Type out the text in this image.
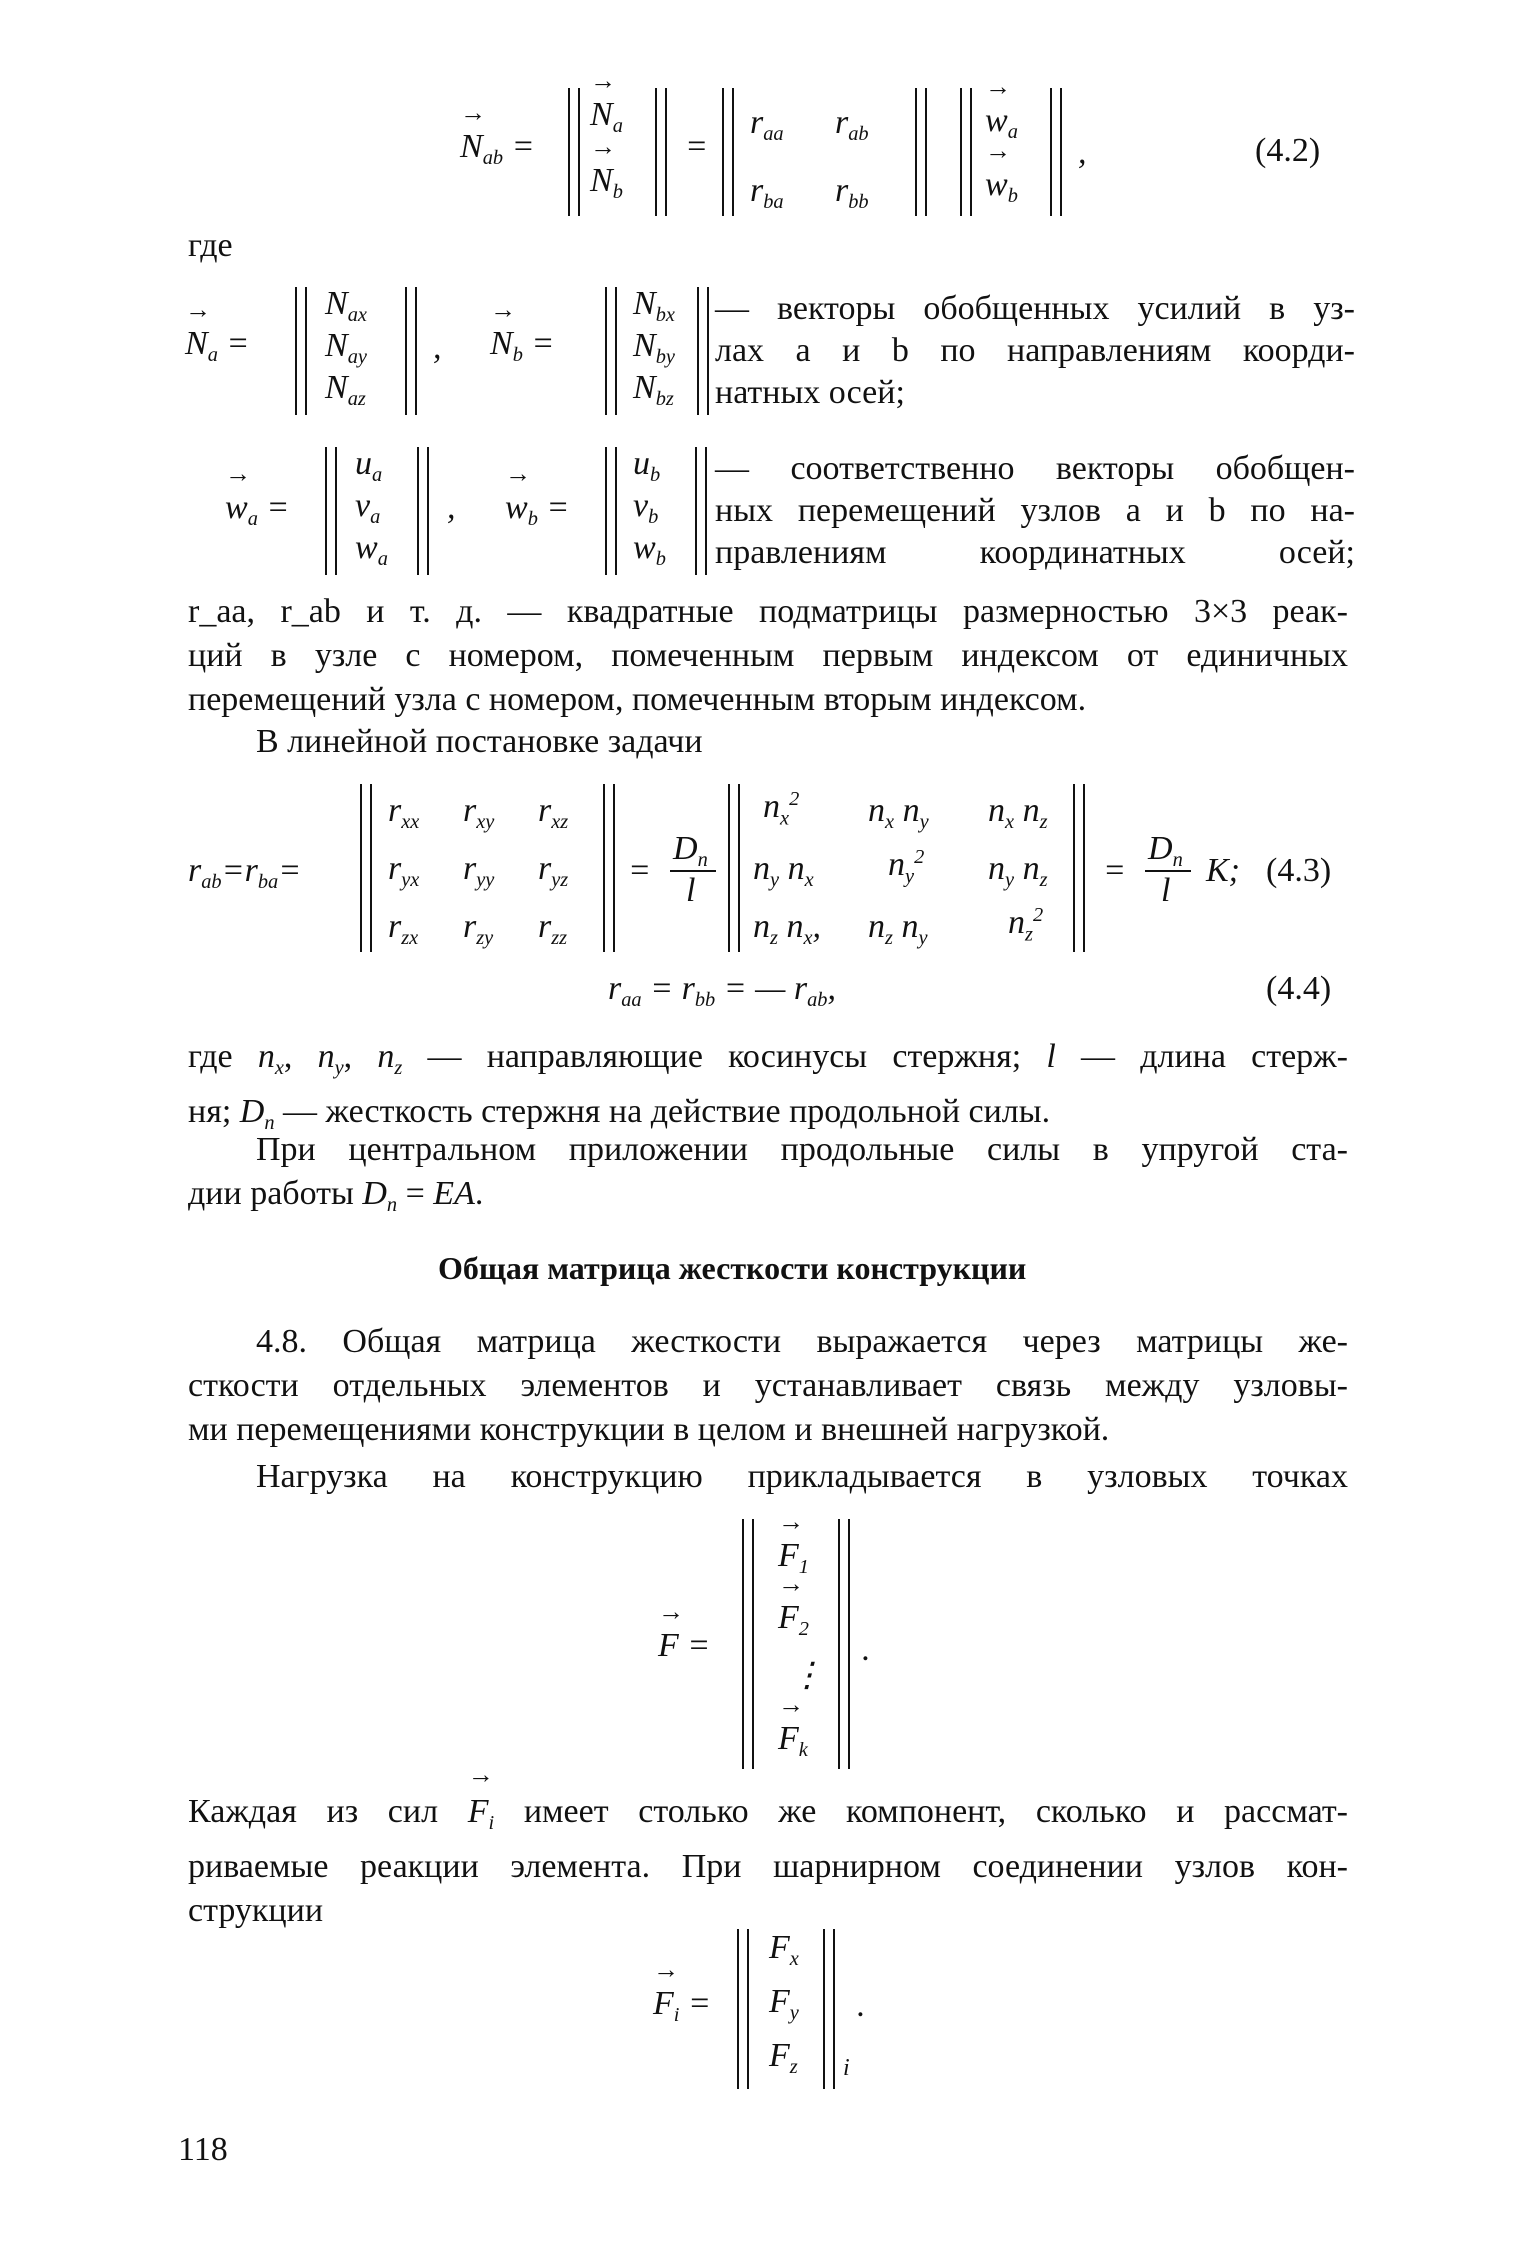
→ $N_{ab}$ =
→ $N_a$
→ $N_b$
=
$r_{aa}$ $r_{ab}$
$r_{ba}$ $r_{bb}$
→ $w_a$
→ $w_b$
,	(4.2)
где
→ $N_a$ =
$N_{ax}$
$N_{ay}$
$N_{az}$
, → $N_b$ =
$N_{bx}$
$N_{by}$
$N_{bz}$
— векторы обобщенных усилий в уз-
лах a и b по направлениям коорди-
натных осей;
→ $w_a$ =
$u_a$
$v_a$
$w_a$
, → $w_b$ =
$u_b$
$v_b$
$w_b$
— соответственно векторы обобщен-
ных перемещений узлов a и b по на-
правлениям координатных осей;
r_aa, r_ab и т. д. — квадратные подматрицы размерностью 3×3 реак-
ций в узле с номером, помеченным первым индексом от единичных
перемещений узла с номером, помеченным вторым индексом.
В линейной постановке задачи
$r_{ab}=r_{ba}=$
$r_{xx}$ $r_{xy}$ $r_{xz}$
$r_{yx}$ $r_{yy}$ $r_{yz}$
$r_{zx}$ $r_{zy}$ $r_{zz}$
=
$D_n$
l
$n_x^2$ $n_x$ $n_y$ $n_x$ $n_z$
$n_y$ $n_x$ $n_y^2$ $n_y$ $n_z$
$n_z$ $n_x$, $n_z$ $n_y$ $n_z^2$
=
$D_n$
l
K; (4.3)
$r_{aa} = r_{bb}$ = — $r_{ab}$,	(4.4)
где $n_x$, $n_y$, $n_z$ — направляющие косинусы стержня; l — длина стерж-
ня; $D_n$ — жесткость стержня на действие продольной силы.
При центральном приложении продольные силы в упругой ста-
дии работы $D_n$ = EA.
Общая матрица жесткости конструкции
4.8. Общая матрица жесткости выражается через матрицы же-
сткости отдельных элементов и устанавливает связь между узловы-
ми перемещениями конструкции в целом и внешней нагрузкой.
Нагрузка на конструкцию прикладывается в узловых точках
→ F =
→ $F_1$
→ $F_2$
⋮
→ $F_k$
.
Каждая из сил → $F_i$ имеет столько же компонент, сколько и рассмат-
риваемые реакции элемента. При шарнирном соединении узлов кон-
струкции
→ $F_i$ =
$F_x$
$F_y$
$F_z$ i
.
118
